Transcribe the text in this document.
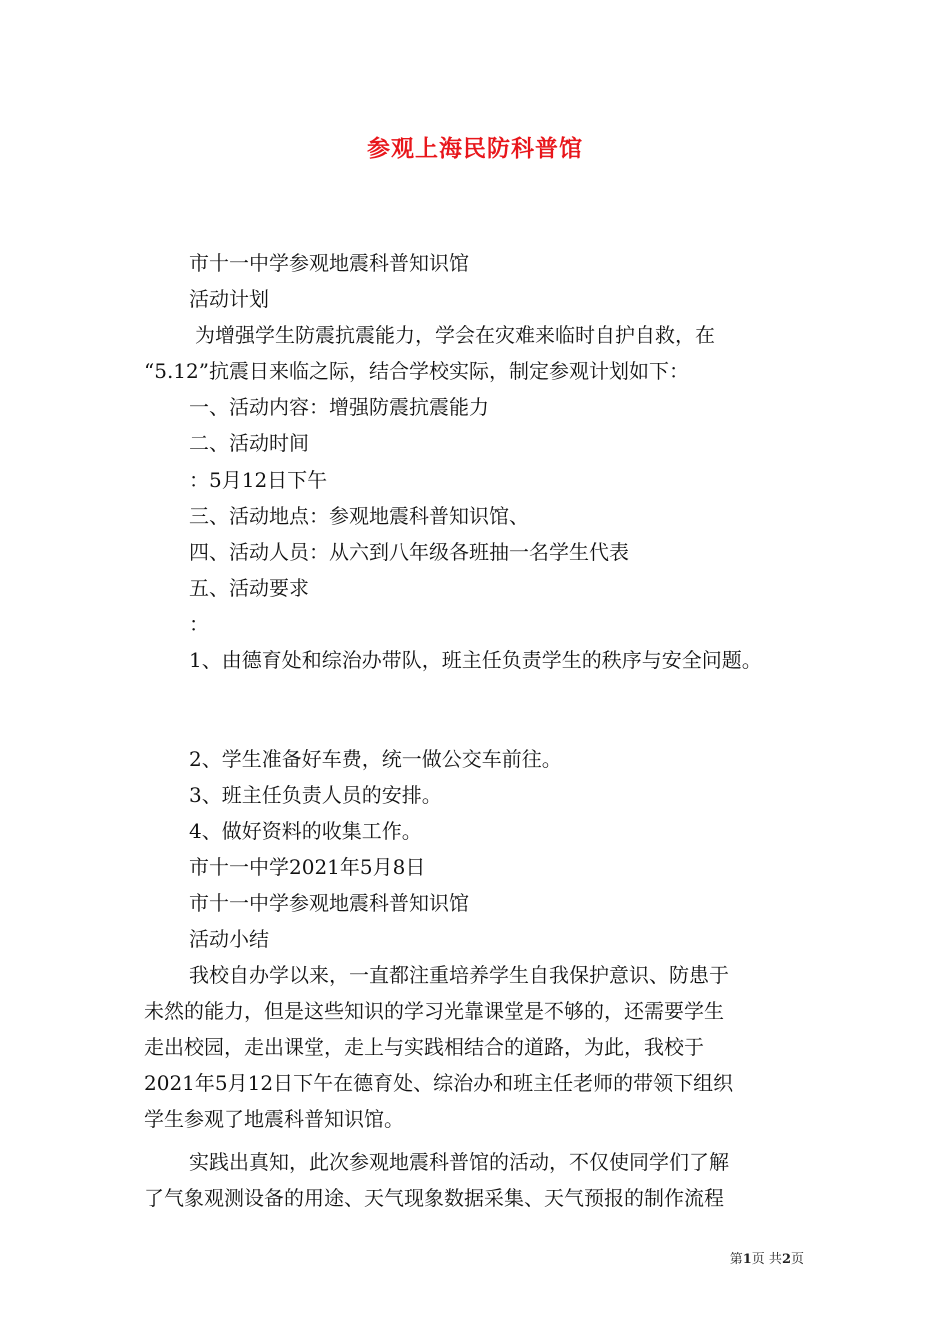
参观上海民防科普馆
市十一中学参观地震科普知识馆
活动计划
为增强学生防震抗震能力，学会在灾难来临时自护自救，在
“5.12”抗震日来临之际，结合学校实际，制定参观计划如下：
一、活动内容：增强防震抗震能力
二、活动时间
：5月12日下午
三、活动地点：参观地震科普知识馆、
四、活动人员：从六到八年级各班抽一名学生代表
五、活动要求
：
1、由德育处和综治办带队，班主任负责学生的秩序与安全问题。
2、学生准备好车费，统一做公交车前往。
3、班主任负责人员的安排。
4、做好资料的收集工作。
市十一中学2021年5月8日
市十一中学参观地震科普知识馆
活动小结
我校自办学以来，一直都注重培养学生自我保护意识、防患于
未然的能力，但是这些知识的学习光靠课堂是不够的，还需要学生
走出校园，走出课堂，走上与实践相结合的道路，为此，我校于
2021年5月12日下午在德育处、综治办和班主任老师的带领下组织
学生参观了地震科普知识馆。
实践出真知，此次参观地震科普馆的活动，不仅使同学们了解
了气象观测设备的用途、天气现象数据采集、天气预报的制作流程
第1页 共2页
